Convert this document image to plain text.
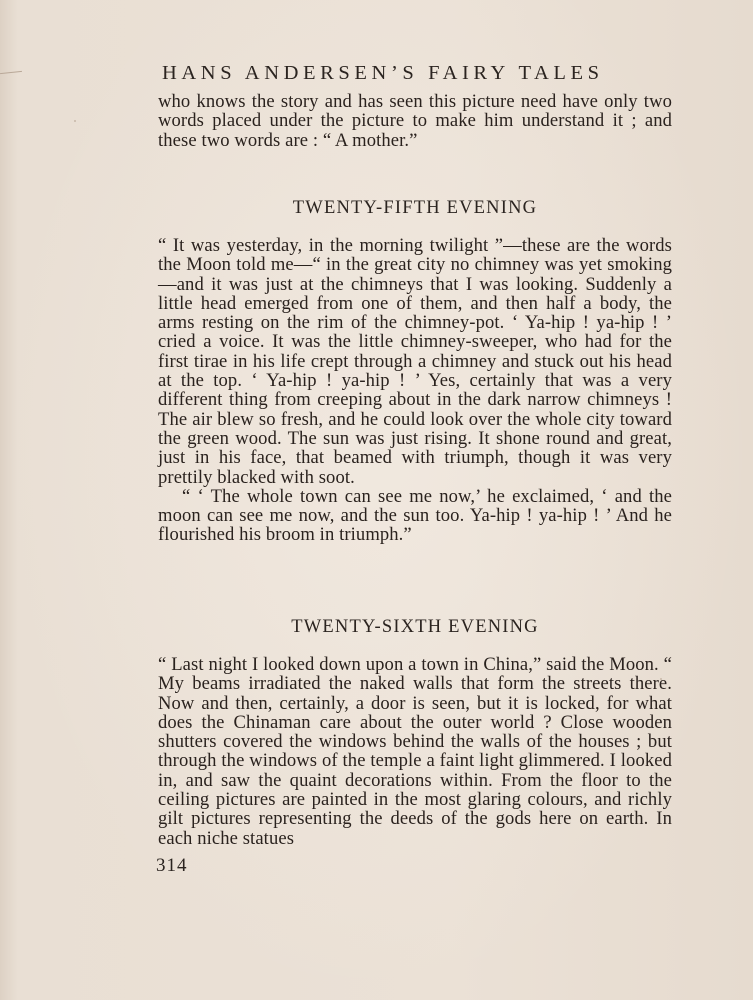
HANS ANDERSEN’S FAIRY TALES

who knows the story and has seen this picture need have only two words placed under the picture to make him understand it ; and these two words are : “ A mother.”

TWENTY-FIFTH EVENING

“ It was yesterday, in the morning twilight ”—these are the words the Moon told me—“ in the great city no chimney was yet smoking—and it was just at the chimneys that I was looking. Suddenly a little head emerged from one of them, and then half a body, the arms resting on the rim of the chimney-pot. ‘ Ya-hip ! ya-hip ! ’ cried a voice. It was the little chimney-sweeper, who had for the first tirae in his life crept through a chimney and stuck out his head at the top. ‘ Ya-hip ! ya-hip ! ’ Yes, certainly that was a very different thing from creeping about in the dark narrow chimneys ! The air blew so fresh, and he could look over the whole city toward the green wood. The sun was just rising. It shone round and great, just in his face, that beamed with triumph, though it was very prettily blacked with soot.

“ ‘ The whole town can see me now,’ he exclaimed, ‘ and the moon can see me now, and the sun too. Ya-hip ! ya-hip ! ’ And he flourished his broom in triumph.”

TWENTY-SIXTH EVENING

“ Last night I looked down upon a town in China,” said the Moon. “ My beams irradiated the naked walls that form the streets there. Now and then, certainly, a door is seen, but it is locked, for what does the Chinaman care about the outer world ? Close wooden shutters covered the windows behind the walls of the houses ; but through the windows of the temple a faint light glimmered. I looked in, and saw the quaint decorations within. From the floor to the ceiling pictures are painted in the most glaring colours, and richly gilt pictures representing the deeds of the gods here on earth. In each niche statues

314
